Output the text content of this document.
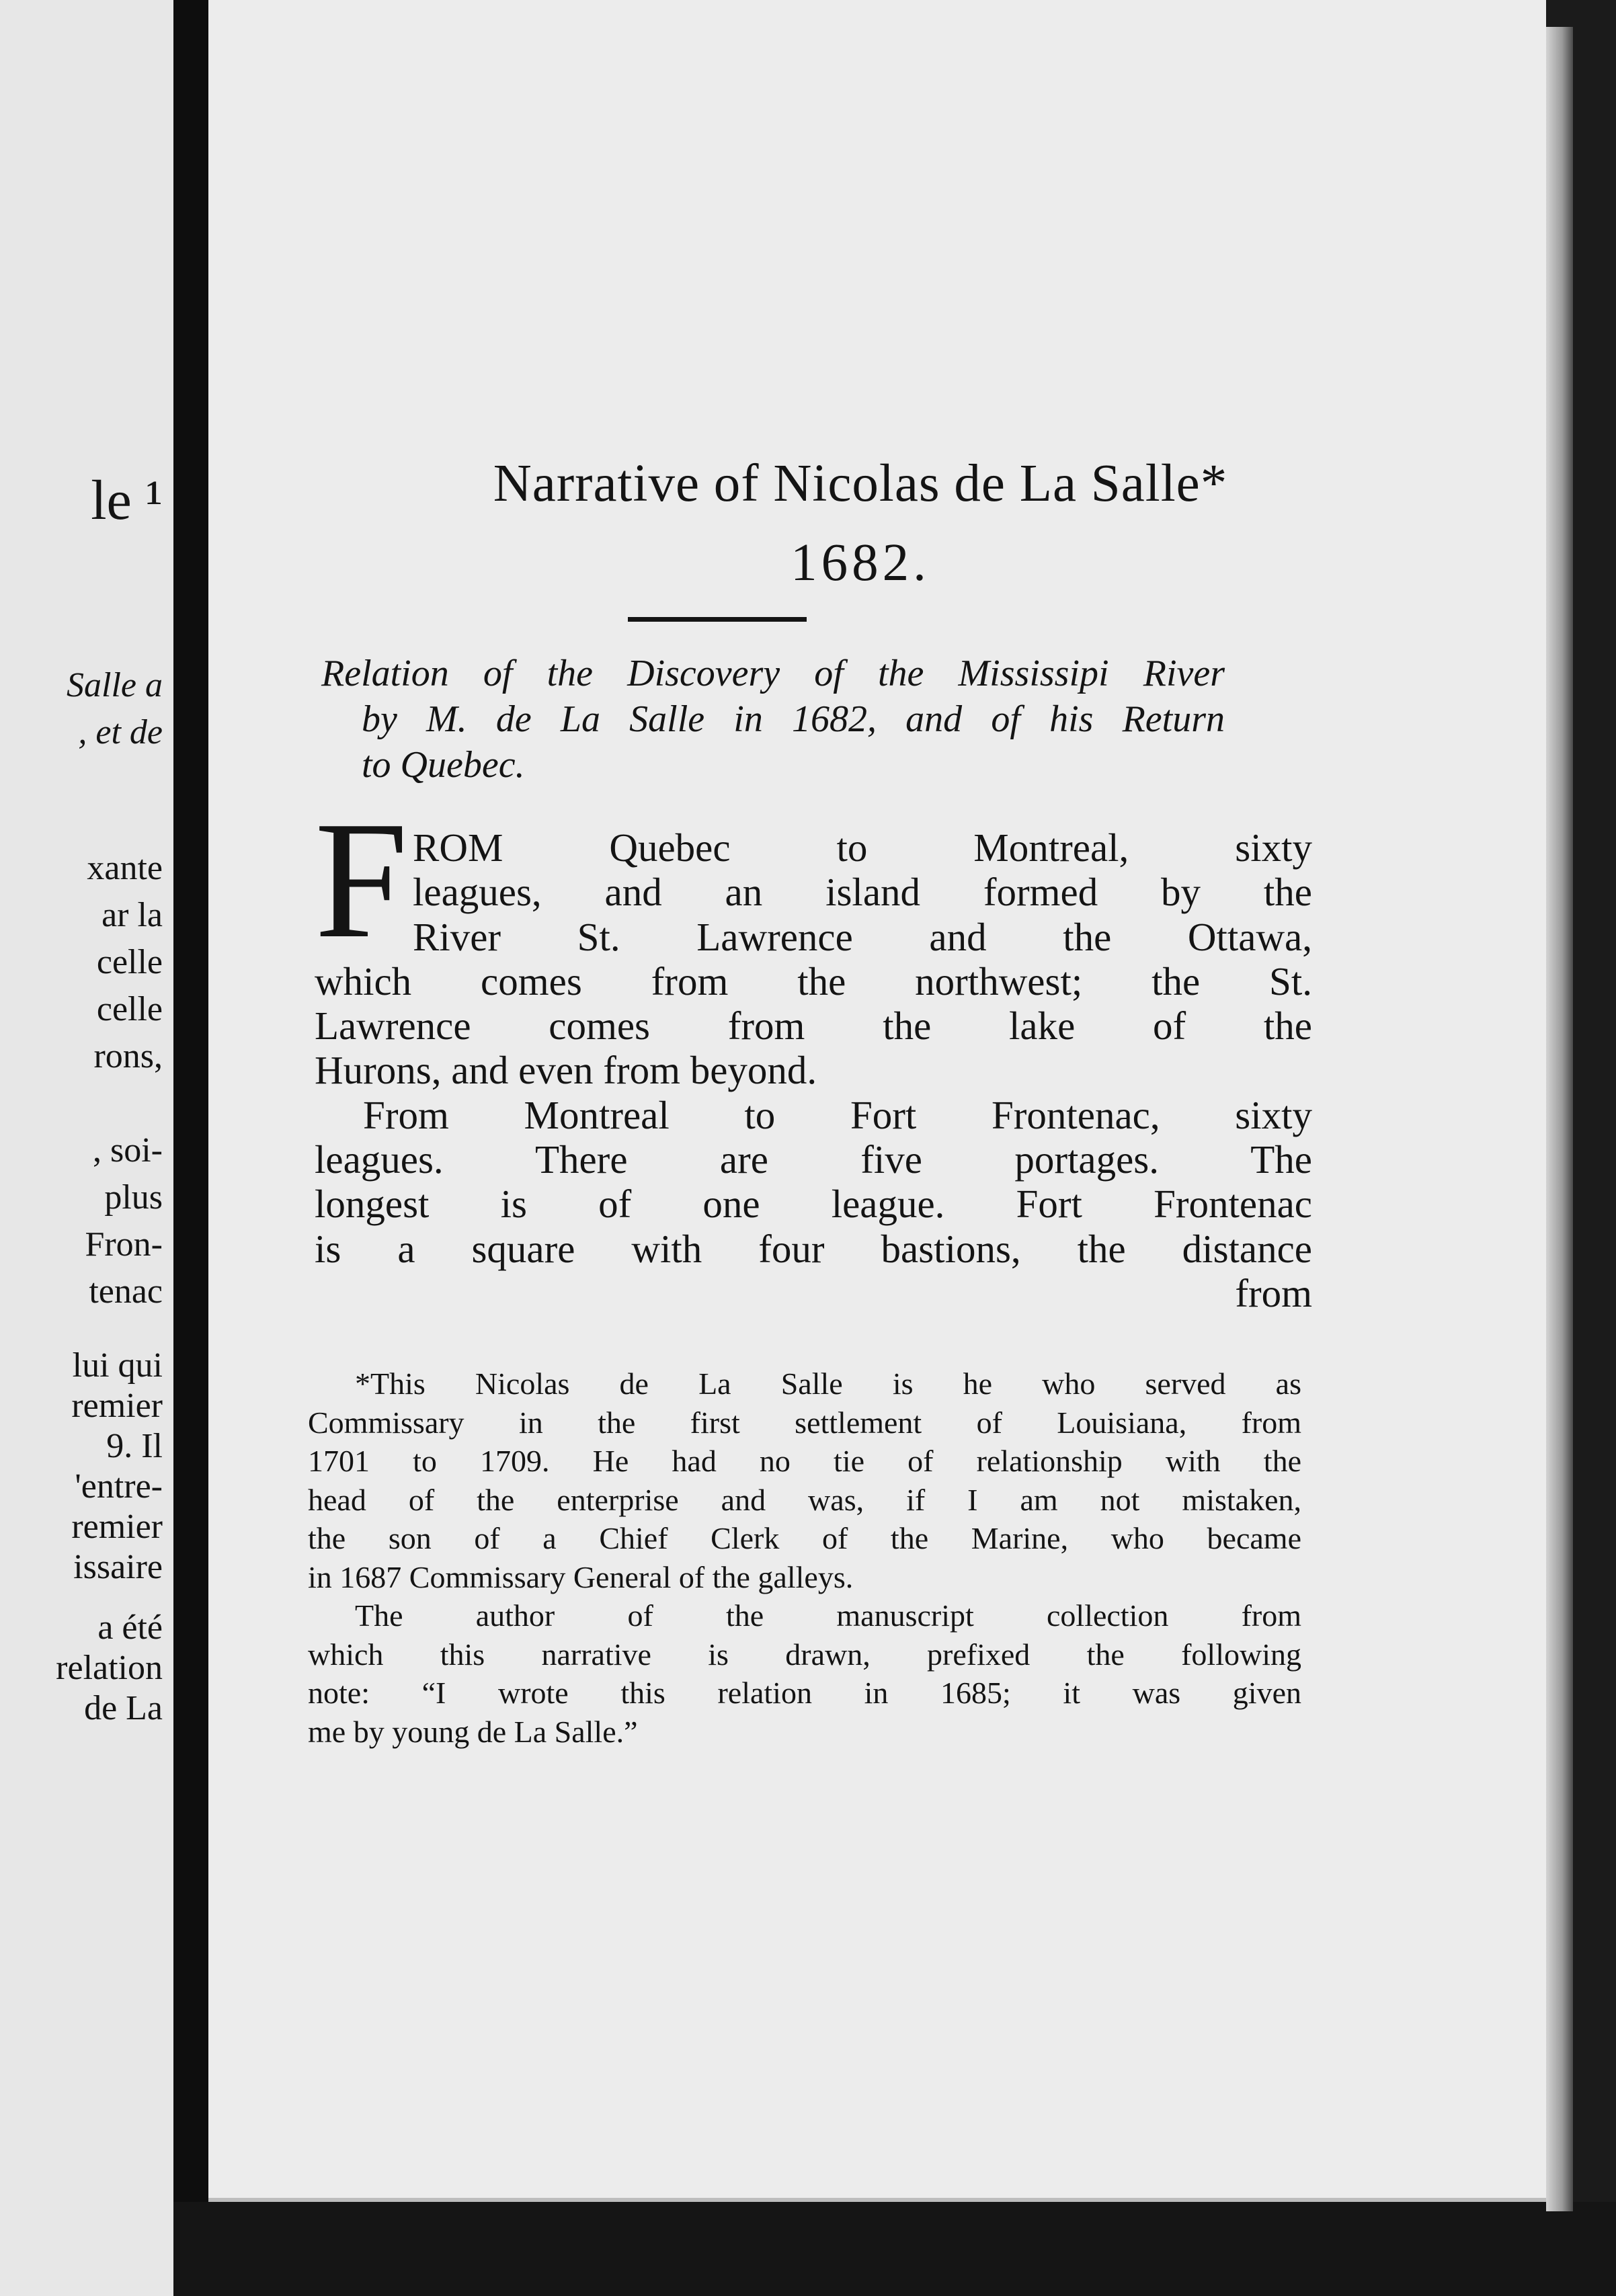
le ¹
Salle a
, et de
xante
ar la
celle
celle
rons,
, soi-
plus
Fron-
tenac
lui qui
remier
9. Il
'entre-
remier
issaire
a été
relation
de La
Narrative of Nicolas de La Salle*
1682.
Relation of the Discovery of the Mississipi River
by M. de La Salle in 1682, and of his Return
to Quebec.
F ROM Quebec to Montreal, sixty
leagues, and an island formed by the
River St. Lawrence and the Ottawa,
which comes from the northwest; the St.
Lawrence comes from the lake of the
Hurons, and even from beyond.
From Montreal to Fort Frontenac, sixty
leagues. There are five portages. The
longest is of one league. Fort Frontenac
is a square with four bastions, the distance
from
*This Nicolas de La Salle is he who served as
Commissary in the first settlement of Louisiana, from
1701 to 1709. He had no tie of relationship with the
head of the enterprise and was, if I am not mistaken,
the son of a Chief Clerk of the Marine, who became
in 1687 Commissary General of the galleys.
The author of the manuscript collection from
which this narrative is drawn, prefixed the following
note: “I wrote this relation in 1685; it was given
me by young de La Salle.”
